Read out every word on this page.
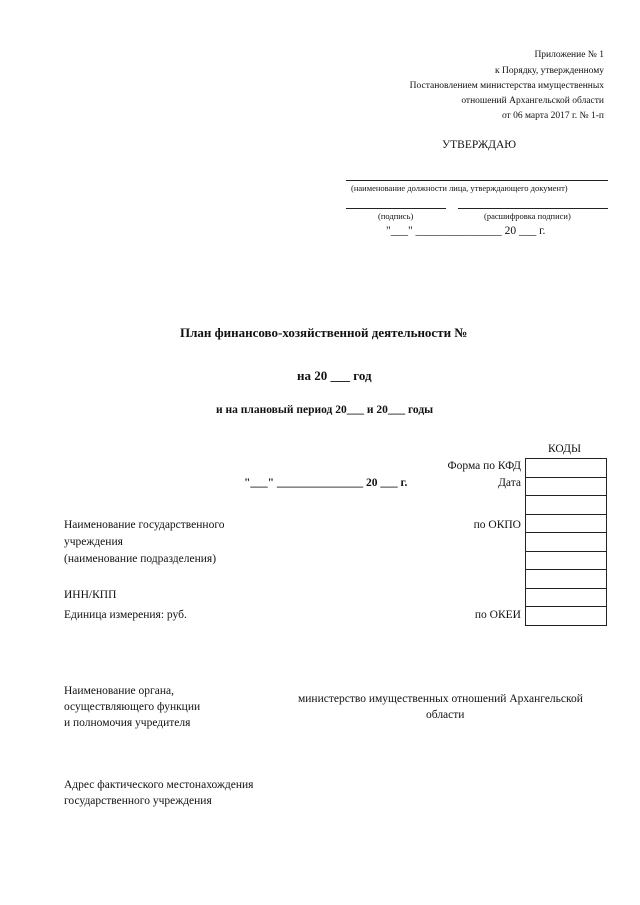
Приложение № 1
к Порядку, утвержденному
Постановлением министерства имущественных
отношений Архангельской области
от 06 марта 2017 г. № 1-п
УТВЕРЖДАЮ
(наименование должности лица, утверждающего документ)
(подпись)	(расшифровка подписи)
"___" _______________ 20 ___ г.
План финансово-хозяйственной деятельности №
на 20 ___ год
и на плановый период 20___ и 20___ годы
КОДЫ
Форма по КФД
Дата
"___" _______________ 20 ___ г.
по ОКПО
по ОКЕИ
Наименование государственного
учреждения
(наименование подразделения)
ИНН/КПП
Единица измерения: руб.
Наименование органа,
осуществляющего функции
и полномочия учредителя
министерство имущественных отношений Архангельской
области
Адрес фактического местонахождения
государственного учреждения
